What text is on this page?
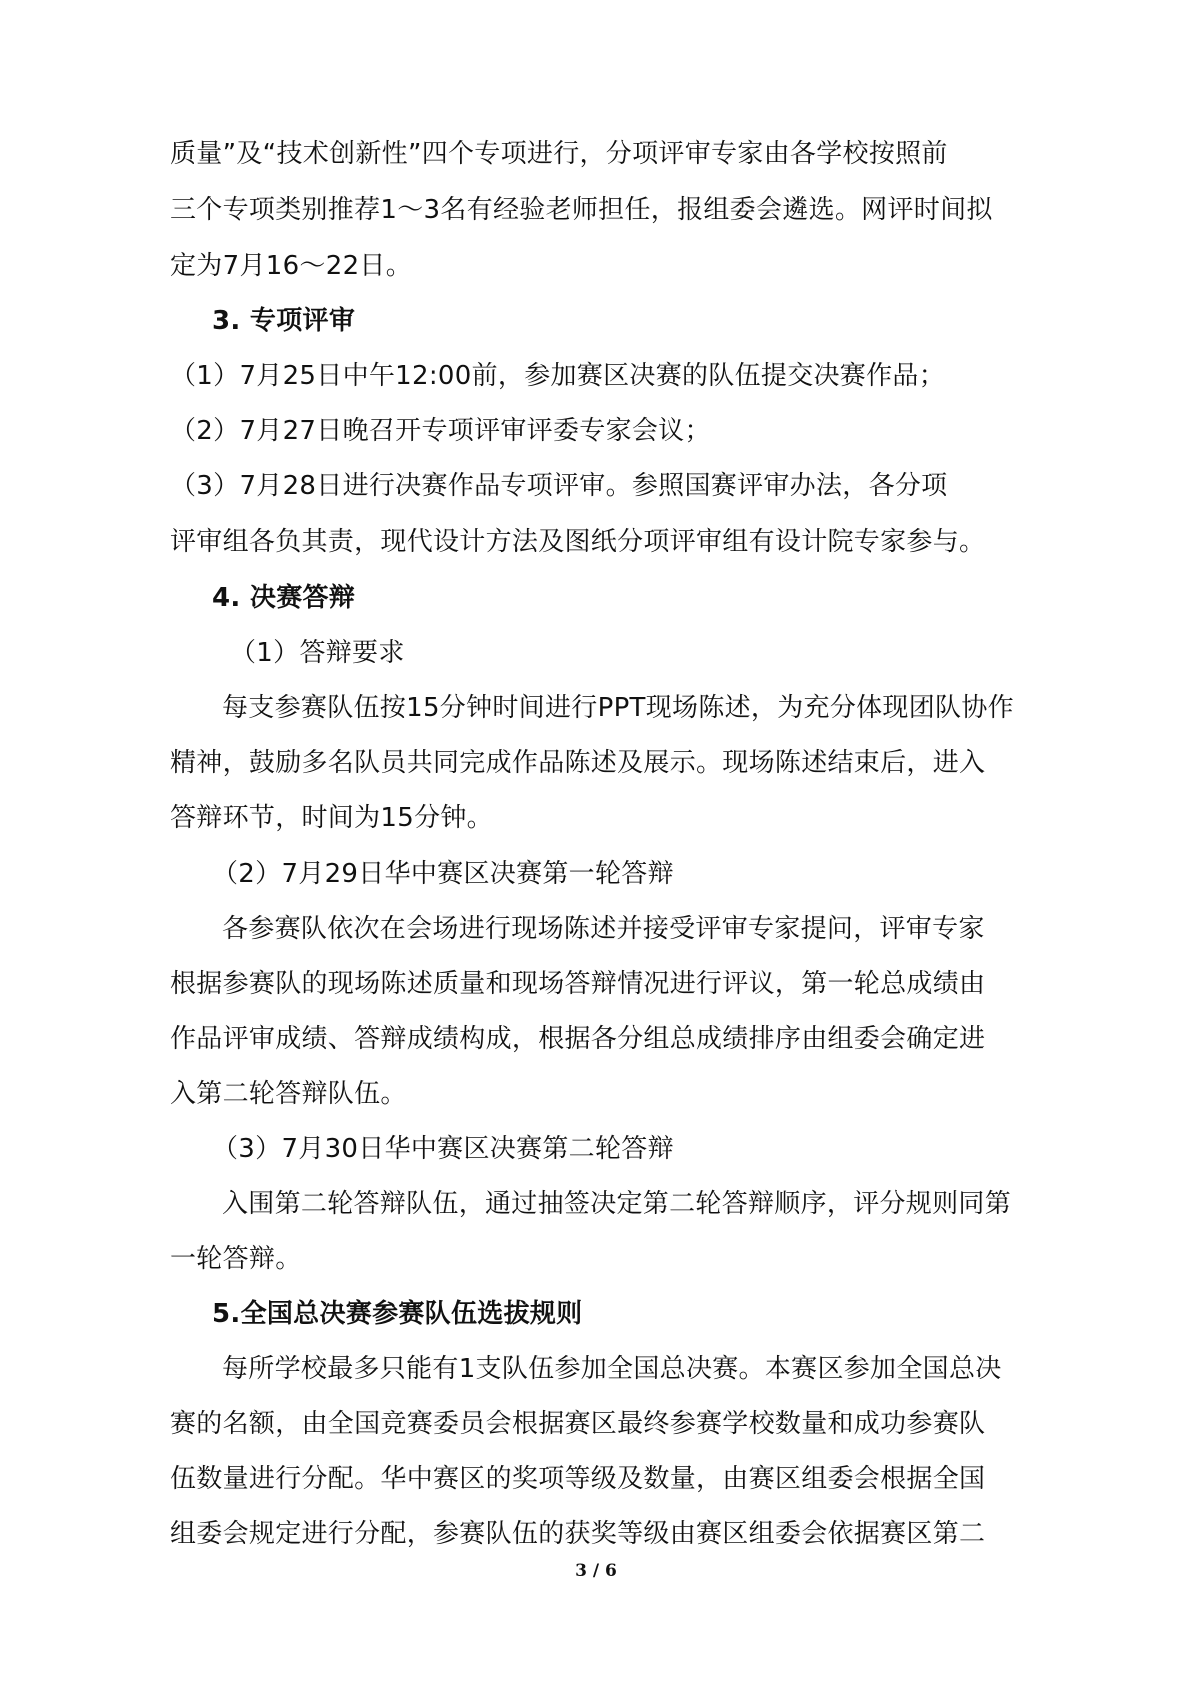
质量”及“技术创新性”四个专项进行，分项评审专家由各学校按照前

三个专项类别推荐1～3名有经验老师担任，报组委会遴选。网评时间拟

定为7月16～22日。

3. 专项评审

（1）7月25日中午12:00前，参加赛区决赛的队伍提交决赛作品；

（2）7月27日晚召开专项评审评委专家会议；

（3）7月28日进行决赛作品专项评审。参照国赛评审办法，各分项

评审组各负其责，现代设计方法及图纸分项评审组有设计院专家参与。

4. 决赛答辩

（1）答辩要求

每支参赛队伍按15分钟时间进行PPT现场陈述，为充分体现团队协作

精神，鼓励多名队员共同完成作品陈述及展示。现场陈述结束后，进入

答辩环节，时间为15分钟。

（2）7月29日华中赛区决赛第一轮答辩

各参赛队依次在会场进行现场陈述并接受评审专家提问，评审专家

根据参赛队的现场陈述质量和现场答辩情况进行评议，第一轮总成绩由

作品评审成绩、答辩成绩构成，根据各分组总成绩排序由组委会确定进

入第二轮答辩队伍。

（3）7月30日华中赛区决赛第二轮答辩

入围第二轮答辩队伍，通过抽签决定第二轮答辩顺序，评分规则同第

一轮答辩。

5.全国总决赛参赛队伍选拔规则

每所学校最多只能有1支队伍参加全国总决赛。本赛区参加全国总决

赛的名额，由全国竞赛委员会根据赛区最终参赛学校数量和成功参赛队

伍数量进行分配。华中赛区的奖项等级及数量，由赛区组委会根据全国

组委会规定进行分配，参赛队伍的获奖等级由赛区组委会依据赛区第二

3 / 6
